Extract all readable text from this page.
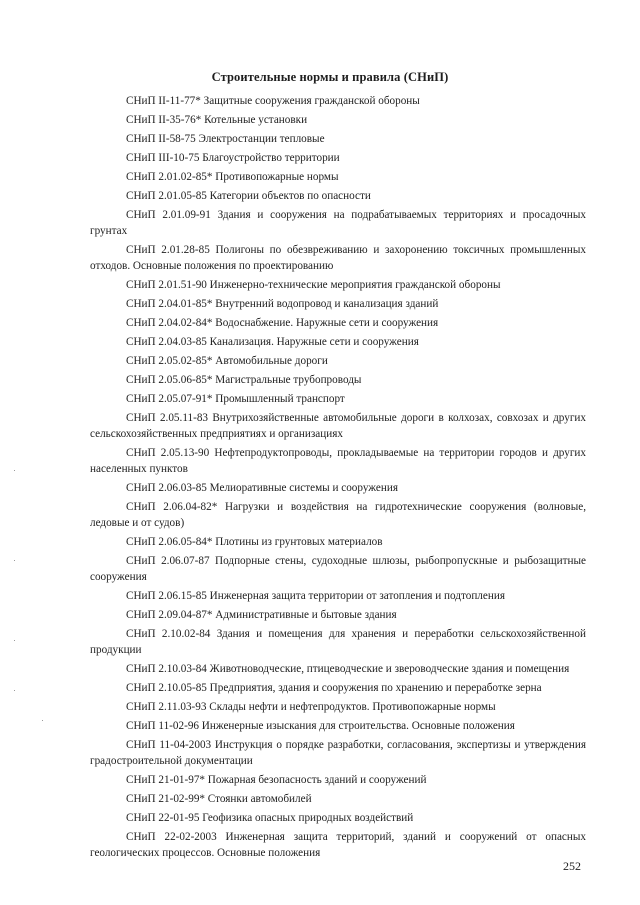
Строительные нормы и правила (СНиП)

СНиП II-11-77* Защитные сооружения гражданской обороны

СНиП II-35-76* Котельные установки

СНиП II-58-75 Электростанции тепловые

СНиП III-10-75 Благоустройство территории

СНиП 2.01.02-85* Противопожарные нормы

СНиП 2.01.05-85 Категории объектов по опасности

СНиП 2.01.09-91 Здания и сооружения на подрабатываемых территориях и просадочных грунтах

СНиП 2.01.28-85 Полигоны по обезвреживанию и захоронению токсичных промышленных отходов. Основные положения по проектированию

СНиП 2.01.51-90 Инженерно-технические мероприятия гражданской обороны

СНиП 2.04.01-85* Внутренний водопровод и канализация зданий

СНиП 2.04.02-84* Водоснабжение. Наружные сети и сооружения

СНиП 2.04.03-85 Канализация. Наружные сети и сооружения

СНиП 2.05.02-85* Автомобильные дороги

СНиП 2.05.06-85* Магистральные трубопроводы

СНиП 2.05.07-91* Промышленный транспорт

СНиП 2.05.11-83 Внутрихозяйственные автомобильные дороги в колхозах, совхозах и других сельскохозяйственных предприятиях и организациях

СНиП 2.05.13-90 Нефтепродуктопроводы, прокладываемые на территории городов и других населенных пунктов

СНиП 2.06.03-85 Мелиоративные системы и сооружения

СНиП 2.06.04-82* Нагрузки и воздействия на гидротехнические сооружения (волновые, ледовые и от судов)

СНиП 2.06.05-84* Плотины из грунтовых материалов

СНиП 2.06.07-87 Подпорные стены, судоходные шлюзы, рыбопропускные и рыбозащитные сооружения

СНиП 2.06.15-85 Инженерная защита территории от затопления и подтопления

СНиП 2.09.04-87* Административные и бытовые здания

СНиП 2.10.02-84 Здания и помещения для хранения и переработки сельскохозяйственной продукции

СНиП 2.10.03-84 Животноводческие, птицеводческие и звероводческие здания и помещения

СНиП 2.10.05-85 Предприятия, здания и сооружения по хранению и переработке зерна

СНиП 2.11.03-93 Склады нефти и нефтепродуктов. Противопожарные нормы

СНиП 11-02-96 Инженерные изыскания для строительства. Основные положения

СНиП 11-04-2003 Инструкция о порядке разработки, согласования, экспертизы и утверждения градостроительной документации

СНиП 21-01-97* Пожарная безопасность зданий и сооружений

СНиП 21-02-99* Стоянки автомобилей

СНиП 22-01-95 Геофизика опасных природных воздействий

СНиП 22-02-2003 Инженерная защита территорий, зданий и сооружений от опасных геологических процессов. Основные положения

252
